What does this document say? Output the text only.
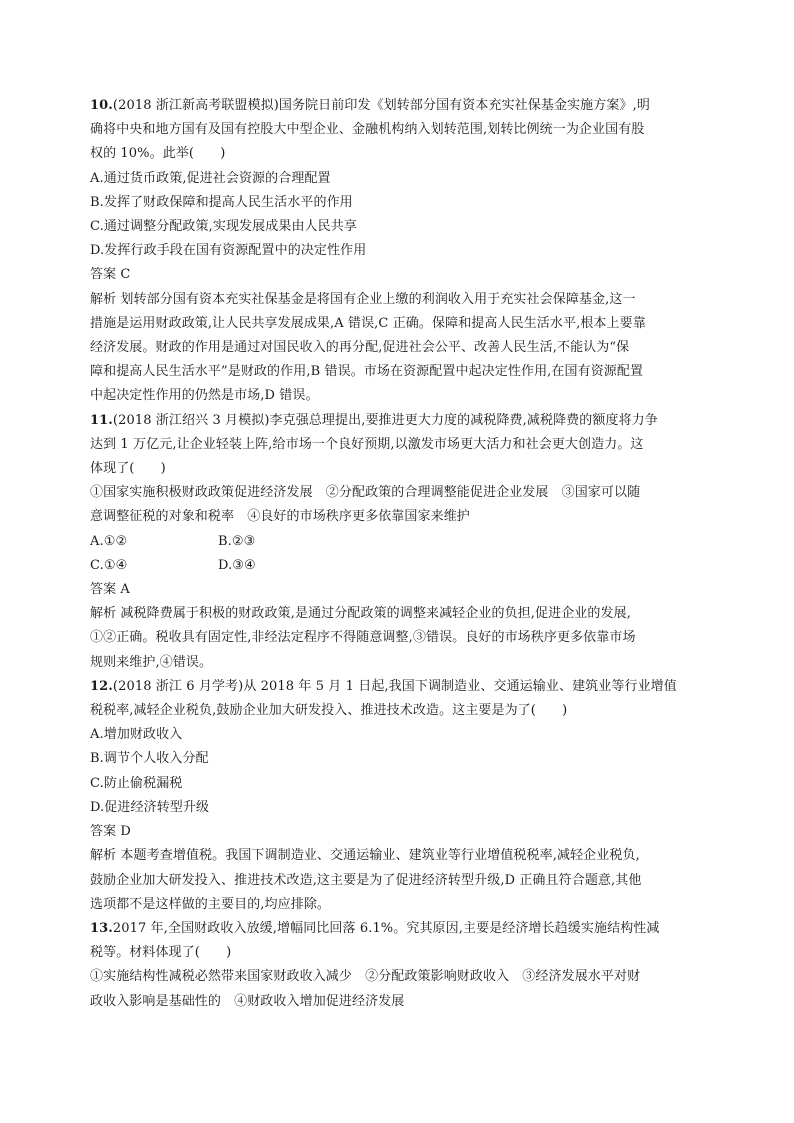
10.(2018 浙江新高考联盟模拟)国务院日前印发《划转部分国有资本充实社保基金实施方案》,明
确将中央和地方国有及国有控股大中型企业、金融机构纳入划转范围,划转比例统一为企业国有股
权的 10%。此举(　　)
A.通过货币政策,促进社会资源的合理配置
B.发挥了财政保障和提高人民生活水平的作用
C.通过调整分配政策,实现发展成果由人民共享
D.发挥行政手段在国有资源配置中的决定性作用
答案 C
解析 划转部分国有资本充实社保基金是将国有企业上缴的利润收入用于充实社会保障基金,这一
措施是运用财政政策,让人民共享发展成果,A 错误,C 正确。保障和提高人民生活水平,根本上要靠
经济发展。财政的作用是通过对国民收入的再分配,促进社会公平、改善人民生活,不能认为“保
障和提高人民生活水平”是财政的作用,B 错误。市场在资源配置中起决定性作用,在国有资源配置
中起决定性作用的仍然是市场,D 错误。
11.(2018 浙江绍兴 3 月模拟)李克强总理提出,要推进更大力度的减税降费,减税降费的额度将力争
达到 1 万亿元,让企业轻装上阵,给市场一个良好预期,以激发市场更大活力和社会更大创造力。这
体现了(　　)
①国家实施积极财政政策促进经济发展　②分配政策的合理调整能促进企业发展　③国家可以随
意调整征税的对象和税率　④良好的市场秩序更多依靠国家来维护
A.①②	B.②③
C.①④	D.③④
答案 A
解析 减税降费属于积极的财政政策,是通过分配政策的调整来减轻企业的负担,促进企业的发展,
①②正确。税收具有固定性,非经法定程序不得随意调整,③错误。良好的市场秩序更多依靠市场
规则来维护,④错误。
12.(2018 浙江 6 月学考)从 2018 年 5 月 1 日起,我国下调制造业、交通运输业、建筑业等行业增值
税税率,减轻企业税负,鼓励企业加大研发投入、推进技术改造。这主要是为了(　　)
A.增加财政收入
B.调节个人收入分配
C.防止偷税漏税
D.促进经济转型升级
答案 D
解析 本题考查增值税。我国下调制造业、交通运输业、建筑业等行业增值税税率,减轻企业税负,
鼓励企业加大研发投入、推进技术改造,这主要是为了促进经济转型升级,D 正确且符合题意,其他
选项都不是这样做的主要目的,均应排除。
13.2017 年,全国财政收入放缓,增幅同比回落 6.1%。究其原因,主要是经济增长趋缓实施结构性减
税等。材料体现了(　　)
①实施结构性减税必然带来国家财政收入减少　②分配政策影响财政收入　③经济发展水平对财
政收入影响是基础性的　④财政收入增加促进经济发展
